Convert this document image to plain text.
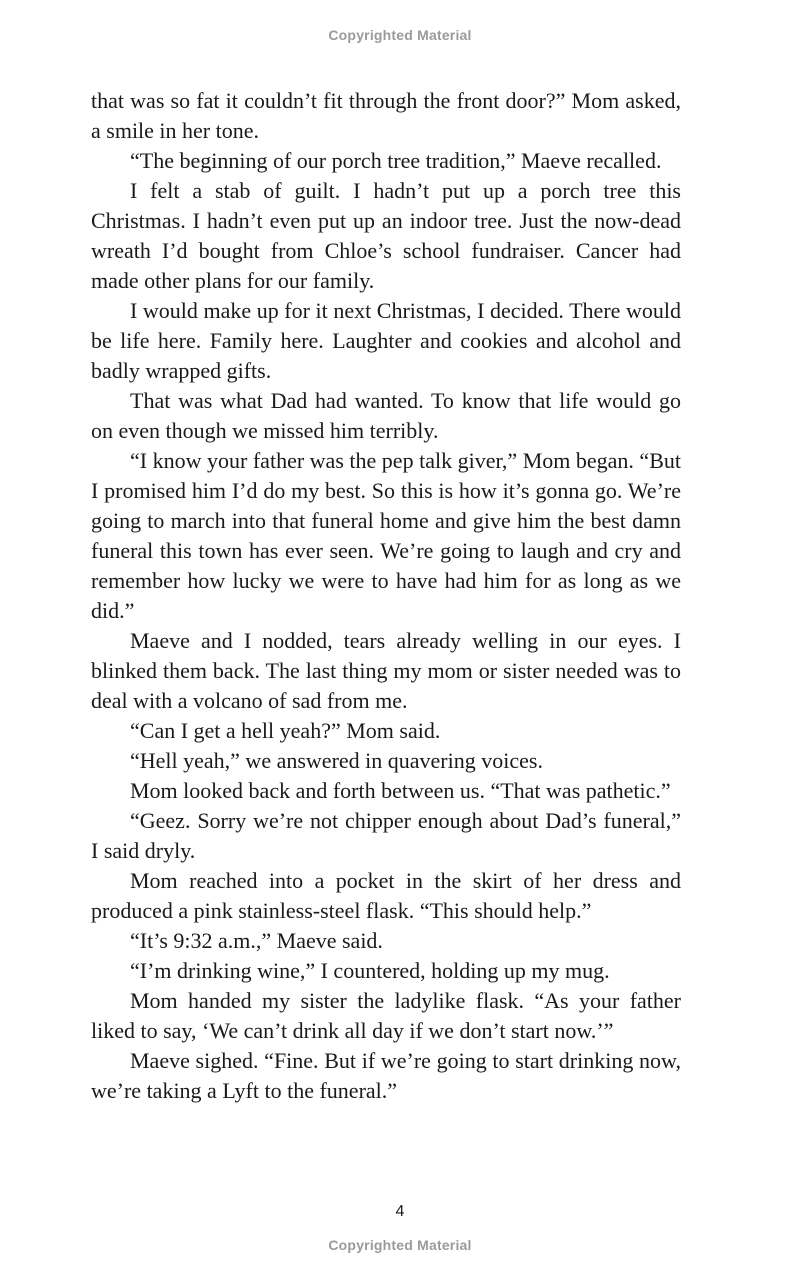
Copyrighted Material

that was so fat it couldn’t fit through the front door?” Mom asked, a smile in her tone.

“The beginning of our porch tree tradition,” Maeve recalled.

I felt a stab of guilt. I hadn’t put up a porch tree this Christmas. I hadn’t even put up an indoor tree. Just the now-dead wreath I’d bought from Chloe’s school fundraiser. Cancer had made other plans for our family.

I would make up for it next Christmas, I decided. There would be life here. Family here. Laughter and cookies and alcohol and badly wrapped gifts.

That was what Dad had wanted. To know that life would go on even though we missed him terribly.

“I know your father was the pep talk giver,” Mom began. “But I promised him I’d do my best. So this is how it’s gonna go. We’re going to march into that funeral home and give him the best damn funeral this town has ever seen. We’re going to laugh and cry and remember how lucky we were to have had him for as long as we did.”

Maeve and I nodded, tears already welling in our eyes. I blinked them back. The last thing my mom or sister needed was to deal with a volcano of sad from me.

“Can I get a hell yeah?” Mom said.

“Hell yeah,” we answered in quavering voices.

Mom looked back and forth between us. “That was pathetic.”

“Geez. Sorry we’re not chipper enough about Dad’s funeral,” I said dryly.

Mom reached into a pocket in the skirt of her dress and produced a pink stainless-steel flask. “This should help.”

“It’s 9:32 a.m.,” Maeve said.

“I’m drinking wine,” I countered, holding up my mug.

Mom handed my sister the ladylike flask. “As your father liked to say, ‘We can’t drink all day if we don’t start now.’”

Maeve sighed. “Fine. But if we’re going to start drinking now, we’re taking a Lyft to the funeral.”

4
Copyrighted Material
